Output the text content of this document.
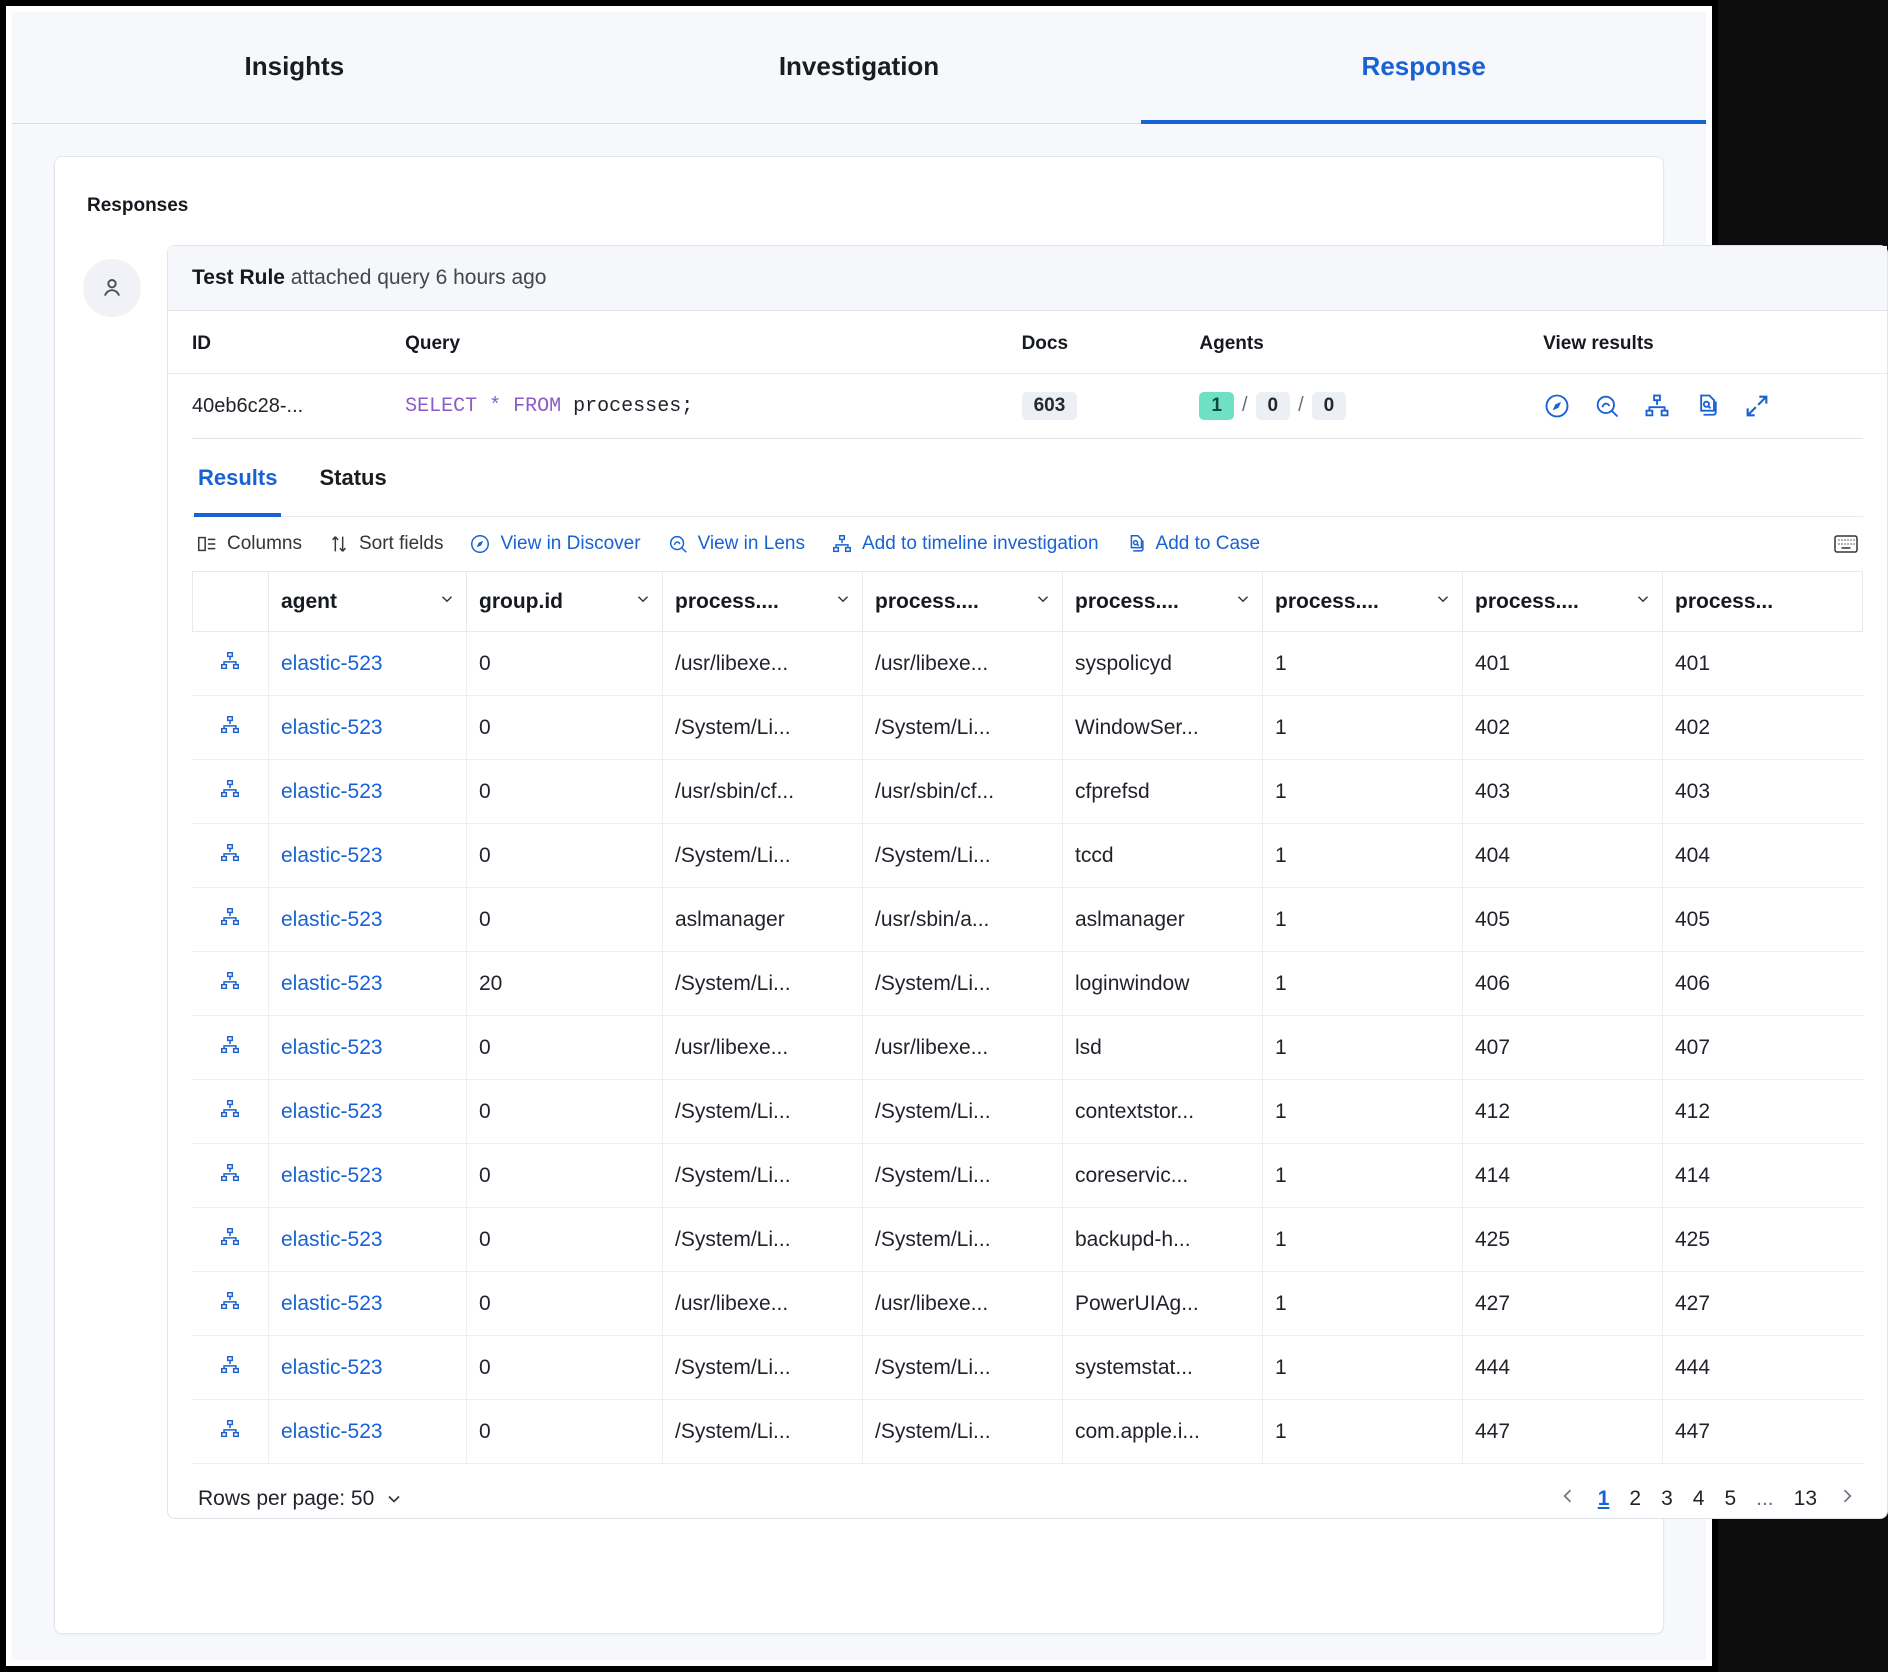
Insights	Investigation	Response
Responses
Test Rule attached query 6 hours ago
ID	Query	Docs	Agents	View results
40eb6c28-...	SELECT * FROM processes;	603	1 / 0 / 0	
Results Status
Columns	Sort fields	View in Discover	View in Lens	Add to timeline investigation	Add to Case
	agent	group.id	process....	process....	process....	process....	process....	process...
	elastic-523	0	/usr/libexe...	/usr/libexe...	syspolicyd	1	401	401
	elastic-523	0	/System/Li...	/System/Li...	WindowSer...	1	402	402
	elastic-523	0	/usr/sbin/cf...	/usr/sbin/cf...	cfprefsd	1	403	403
	elastic-523	0	/System/Li...	/System/Li...	tccd	1	404	404
	elastic-523	0	aslmanager	/usr/sbin/a...	aslmanager	1	405	405
	elastic-523	20	/System/Li...	/System/Li...	loginwindow	1	406	406
	elastic-523	0	/usr/libexe...	/usr/libexe...	lsd	1	407	407
	elastic-523	0	/System/Li...	/System/Li...	contextstor...	1	412	412
	elastic-523	0	/System/Li...	/System/Li...	coreservic...	1	414	414
	elastic-523	0	/System/Li...	/System/Li...	backupd-h...	1	425	425
	elastic-523	0	/usr/libexe...	/usr/libexe...	PowerUIAg...	1	427	427
	elastic-523	0	/System/Li...	/System/Li...	systemstat...	1	444	444
	elastic-523	0	/System/Li...	/System/Li...	com.apple.i...	1	447	447
Rows per page: 50	1 2 3 4 5 ... 13
